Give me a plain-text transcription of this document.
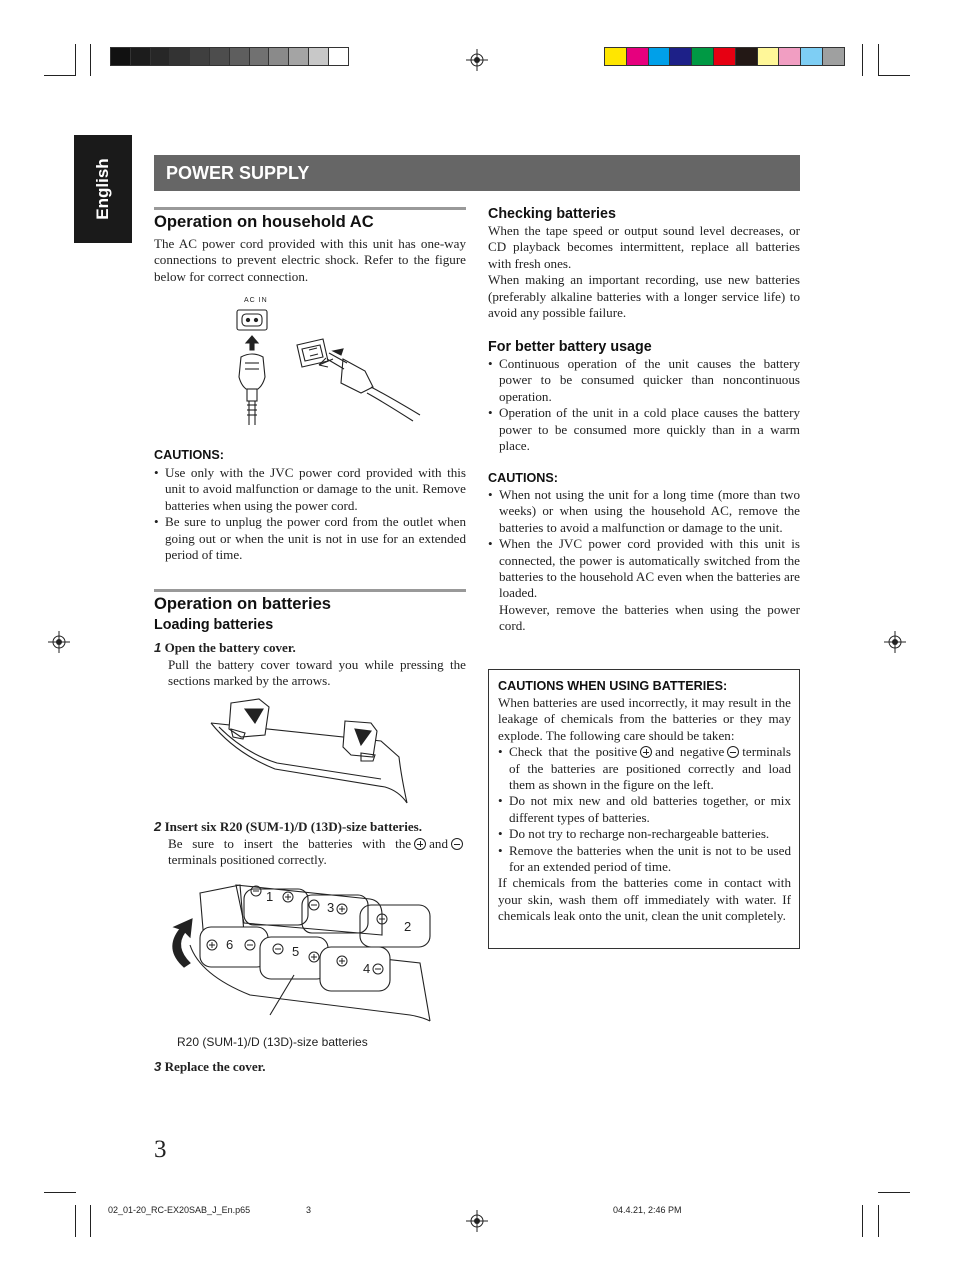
English	POWER SUPPLY
Operation on household AC
The AC power cord provided with this unit has one-way connections to prevent electric shock. Refer to the figure below for correct connection.
AC IN
CAUTIONS:
• Use only with the JVC power cord provided with this unit to avoid malfunction or damage to the unit. Remove batteries when using the power cord.
• Be sure to unplug the power cord from the outlet when going out or when the unit is not in use for an extended period of time.
Operation on batteries
Loading batteries
1 Open the battery cover.
Pull the battery cover toward you while pressing the sections marked by the arrows.
2 Insert six R20 (SUM-1)/D (13D)-size batteries.
Be sure to insert the batteries with the andterminals positioned correctly.
1
2
3
4
5
6
R20 (SUM-1)/D (13D)-size batteries
3 Replace the cover.
Checking batteries
When the tape speed or output sound level decreases, or CD playback becomes intermittent, replace all batteries with fresh ones.
When making an important recording, use new batteries (preferably alkaline batteries with a longer service life) to avoid any possible failure.
For better battery usage
• Continuous operation of the unit causes the battery power to be consumed quicker than noncontinuous operation.
• Operation of the unit in a cold place causes the battery power to be consumed more quickly than in a warm place.
CAUTIONS:
• When not using the unit for a long time (more than two weeks) or when using the household AC, remove the batteries to avoid a malfunction or damage to the unit.
• When the JVC power cord provided with this unit is connected, the power is automatically switched from the batteries to the household AC even when the batteries are loaded.
However, remove the batteries when using the power cord.
CAUTIONS WHEN USING BATTERIES:
When batteries are used incorrectly, it may result in the leakage of chemicals from the batteries or they may explode. The following care should be taken:
• Check that the positive and negative terminals of the batteries are positioned correctly and load them as shown in the figure on the left.
• Do not mix new and old batteries together, or mix different types of batteries.
• Do not try to recharge non-rechargeable batteries.
• Remove the batteries when the unit is not to be used for an extended period of time.
If chemicals from the batteries come in contact with your skin, wash them off immediately with water. If chemicals leak onto the unit, clean the unit completely.
3
02_01-20_RC-EX20SAB_J_En.p65	3	04.4.21, 2:46 PM
